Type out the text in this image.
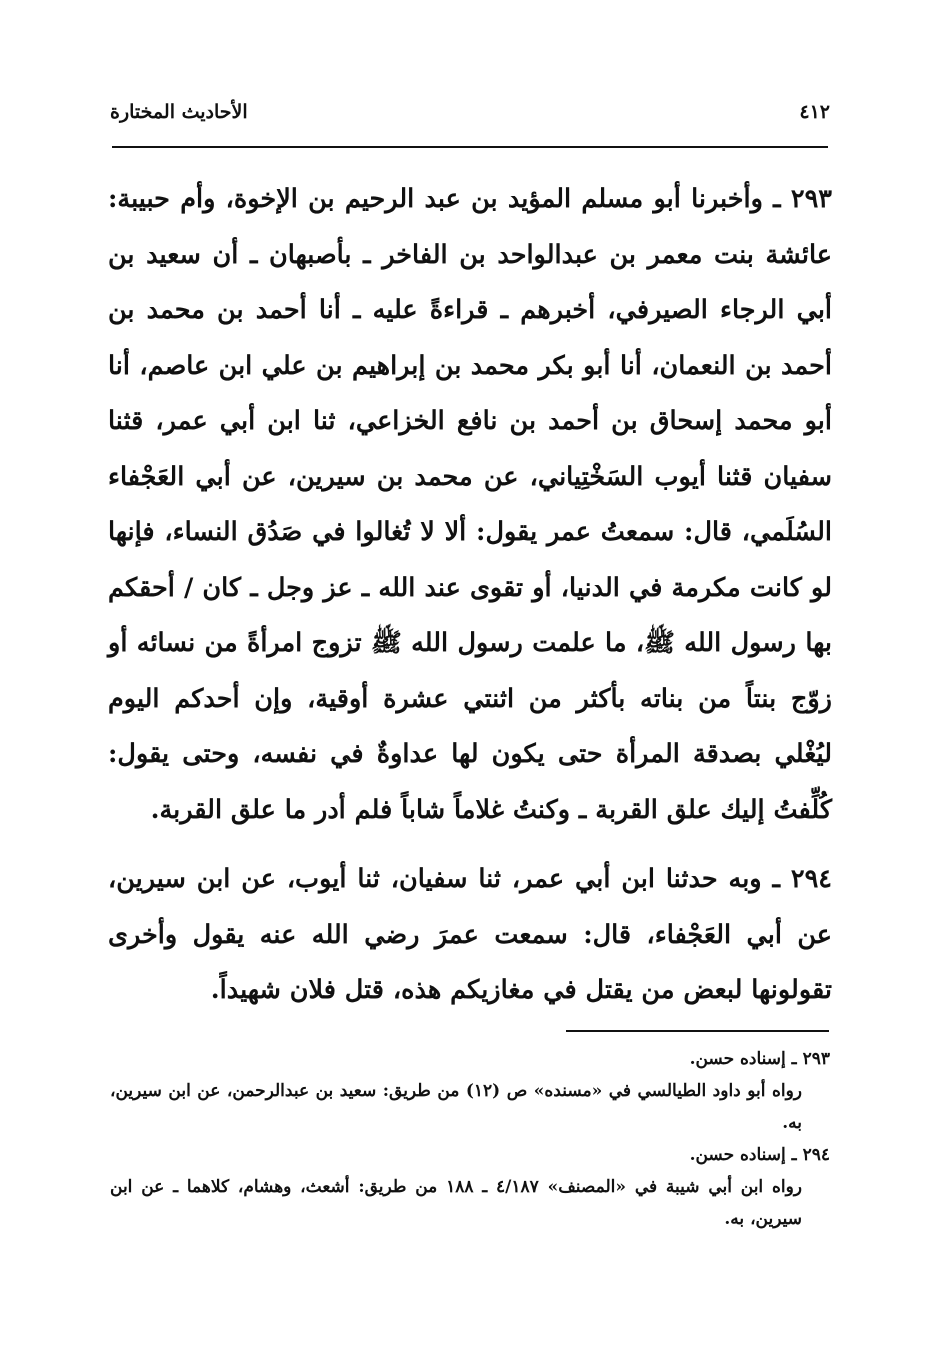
٤١٢
الأحاديث المختارة

٢٩٣ ـ وأخبرنا أبو مسلم المؤيد بن عبد الرحيم بن الإخوة، وأم حبيبة: عائشة بنت معمر بن عبدالواحد بن الفاخر ـ بأصبهان ـ أن سعيد بن أبي الرجاء الصيرفي، أخبرهم ـ قراءةً عليه ـ أنا أحمد بن محمد بن أحمد بن النعمان، أنا أبو بكر محمد بن إبراهيم بن علي ابن عاصم، أنا أبو محمد إسحاق بن أحمد بن نافع الخزاعي، ثنا ابن أبي عمر، قثنا سفيان قثنا أيوب السَخْتِياني، عن محمد بن سيرين، عن أبي العَجْفاء السُلَمي، قال: سمعتُ عمر يقول: ألا لا تُغالوا في صَدُق النساء، فإنها لو كانت مكرمة في الدنيا، أو تقوى عند الله ـ عز وجل ـ كان / أحقكم بها رسول الله ﷺ، ما علمت رسول الله ﷺ تزوج امرأةً من نسائه أو زوّج بنتاً من بناته بأكثر من اثنتي عشرة أوقية، وإن أحدكم اليوم ليُغْلي بصدقة المرأة حتى يكون لها عداوةٌ في نفسه، وحتى يقول: كُلِّفتُ إليك علق القربة ـ وكنتُ غلاماً شاباً فلم أدر ما علق القربة.

٢٩٤ ـ وبه حدثنا ابن أبي عمر، ثنا سفيان، ثنا أيوب، عن ابن سيرين، عن أبي العَجْفاء، قال: سمعت عمرَ رضي الله عنه يقول وأخرى تقولونها لبعض من يقتل في مغازيكم هذه، قتل فلان شهيداً.

٢٩٣ ـ إسناده حسن.

رواه أبو داود الطيالسي في «مسنده» ص (١٢) من طريق: سعيد بن عبدالرحمن، عن ابن سيرين، به.

٢٩٤ ـ إسناده حسن.

رواه ابن أبي شيبة في «المصنف» ٤/١٨٧ ـ ١٨٨ من طريق: أشعث، وهشام، كلاهما ـ عن ابن سيرين، به.
